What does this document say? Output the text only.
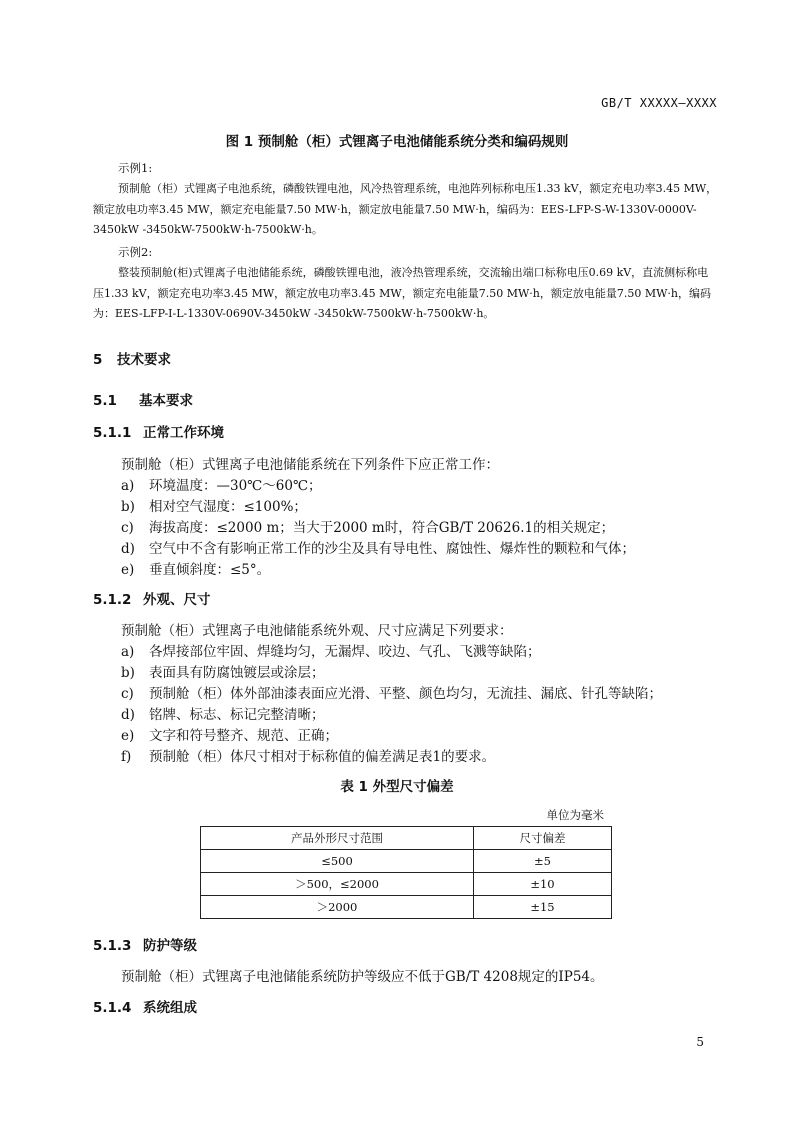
GB/T XXXXX—XXXX
图 1 预制舱（柜）式锂离子电池储能系统分类和编码规则
示例1:
预制舱（柜）式锂离子电池系统，磷酸铁锂电池，风冷热管理系统，电池阵列标称电压1.33 kV，额定充电功率3.45 MW，额定放电功率3.45 MW，额定充电能量7.50 MW·h，额定放电能量7.50 MW·h，编码为：EES-LFP-S-W-1330V-0000V-3450kW -3450kW-7500kW·h-7500kW·h。
示例2:
整装预制舱(柜)式锂离子电池储能系统，磷酸铁锂电池，液冷热管理系统，交流输出端口标称电压0.69 kV，直流侧标称电压1.33 kV，额定充电功率3.45 MW，额定放电功率3.45 MW，额定充电能量7.50 MW·h，额定放电能量7.50 MW·h，编码为：EES-LFP-I-L-1330V-0690V-3450kW -3450kW-7500kW·h-7500kW·h。
5 技术要求
5.1 基本要求
5.1.1 正常工作环境
预制舱（柜）式锂离子电池储能系统在下列条件下应正常工作：
a) 环境温度：—30℃～60℃；
b) 相对空气湿度：≤100%；
c) 海拔高度：≤2000 m；当大于2000 m时，符合GB/T 20626.1的相关规定；
d) 空气中不含有影响正常工作的沙尘及具有导电性、腐蚀性、爆炸性的颗粒和气体；
e) 垂直倾斜度：≤5°。
5.1.2 外观、尺寸
预制舱（柜）式锂离子电池储能系统外观、尺寸应满足下列要求：
a) 各焊接部位牢固、焊缝均匀，无漏焊、咬边、气孔、飞溅等缺陷；
b) 表面具有防腐蚀镀层或涂层；
c) 预制舱（柜）体外部油漆表面应光滑、平整、颜色均匀，无流挂、漏底、针孔等缺陷；
d) 铭牌、标志、标记完整清晰；
e) 文字和符号整齐、规范、正确；
f) 预制舱（柜）体尺寸相对于标称值的偏差满足表1的要求。
表 1 外型尺寸偏差
单位为毫米
产品外形尺寸范围	尺寸偏差
≤500	±5
＞500，≤2000	±10
＞2000	±15
5.1.3 防护等级
预制舱（柜）式锂离子电池储能系统防护等级应不低于GB/T 4208规定的IP54。
5.1.4 系统组成
5
